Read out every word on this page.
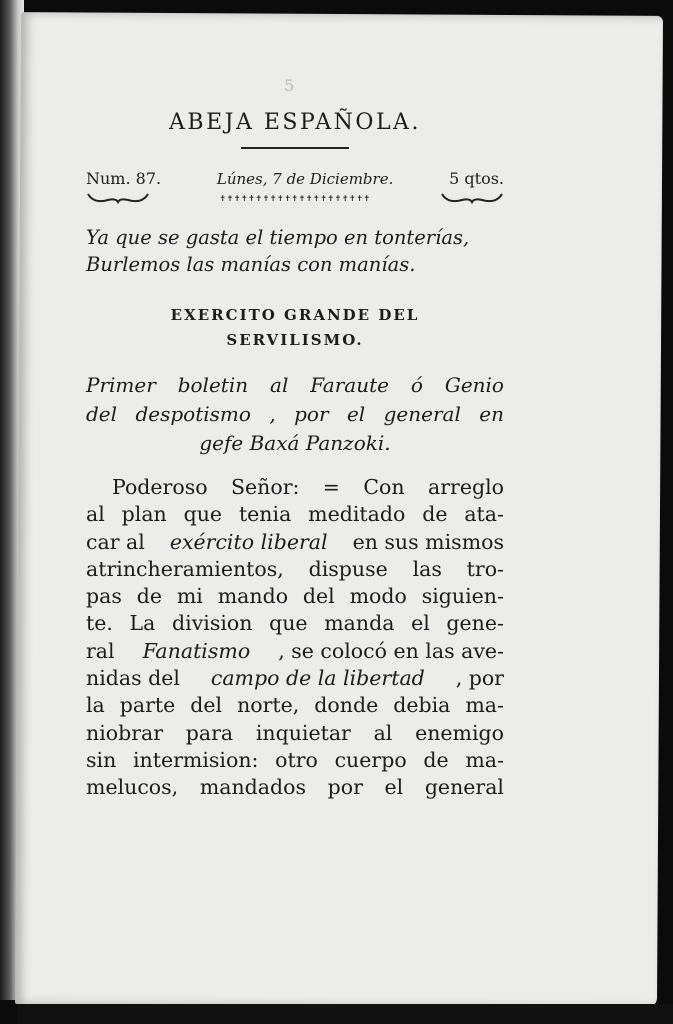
5
ABEJA ESPAÑOLA.
Num. 87.	Lúnes, 7 de Diciembre.	5 qtos.
✝✝✝✝✝✝✝✝✝✝✝✝✝✝✝✝✝✝✝✝✝
Ya que se gasta el tiempo en tonterías,
Burlemos las manías con manías.
EXERCITO GRANDE DEL
SERVILISMO.
Primer boletin al Faraute ó Genio
del despotismo , por el general en
gefe Baxá Panzoki.
Poderoso Señor: = Con arreglo
al plan que tenia meditado de ata-
car al exército liberal en sus mismos
atrincheramientos, dispuse las tro-
pas de mi mando del modo siguien-
te. La division que manda el gene-
ral Fanatismo , se colocó en las ave-
nidas del campo de la libertad , por
la parte del norte, donde debia ma-
niobrar para inquietar al enemigo
sin intermision: otro cuerpo de ma-
melucos, mandados por el general
